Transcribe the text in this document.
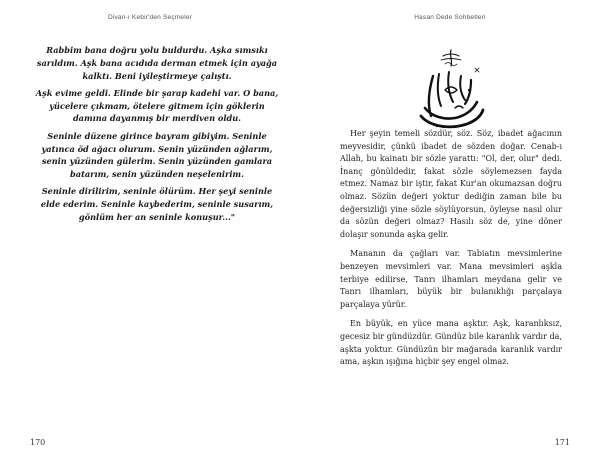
Divan-ı Kebir'den Seçmeler

Rabbim bana doğru yolu buldurdu. Aşka sımsıkı sarıldım. Aşk bana acıdıda derman etmek için ayağa kalktı. Beni iyileştirmeye çalıştı.

Aşk evime geldi. Elinde bir şarap kadehi var. O bana, yücelere çıkmam, ötelere gitmem için göklerin damına dayanmış bir merdiven oldu.

Seninle düzene girince bayram gibiyim. Seninle yatınca öd ağacı olurum. Senin yüzünden ağlarım, senin yüzünden gülerim. Senin yüzünden gamlara batarım, senin yüzünden neşelenirim.

Seninle dirilirim, seninle ölürüm. Her şeyi seninle elde ederim. Seninle kaybederim, seninle susarım, gönlüm her an seninle konuşur..."

170
Hasan Dede Sohbetleri
171

Her şeyin temeli sözdür, söz. Söz, ibadet ağacının meyvesidir, çünkü ibadet de sözden doğar. Cenab-ı Allah, bu kainatı bir sözle yarattı: "Ol, der, olur" dedi. İnanç gönüldedir, fakat sözle söylemezsen fayda etmez. Namaz bir iştir, fakat Kur'an okumazsan doğru olmaz. Sözün değeri yoktur dediğin zaman bile bu değersizliği yine sözle söylüyorsun, öyleyse nasıl olur da sözün değeri olmaz? Hasılı söz de, yine döner dolaşır sonunda aşka gelir.

Mananın da çağları var. Tabiatın mevsimlerine benzeyen mevsimleri var. Mana mevsimleri aşkla terbiye edilirse, Tanrı ilhamları meydana gelir ve Tanrı ilhamları, büyük bir bulanıklığı parçalaya parçalaya yürür.

En büyük, en yüce mana aşktır. Aşk, karanlıksız, gecesiz bir gündüzdür. Gündüz bile karanlık vardır da, aşkta yoktur. Gündüzün bir mağarada karanlık vardır ama, aşkın ışığına hiçbir şey engel olmaz.
